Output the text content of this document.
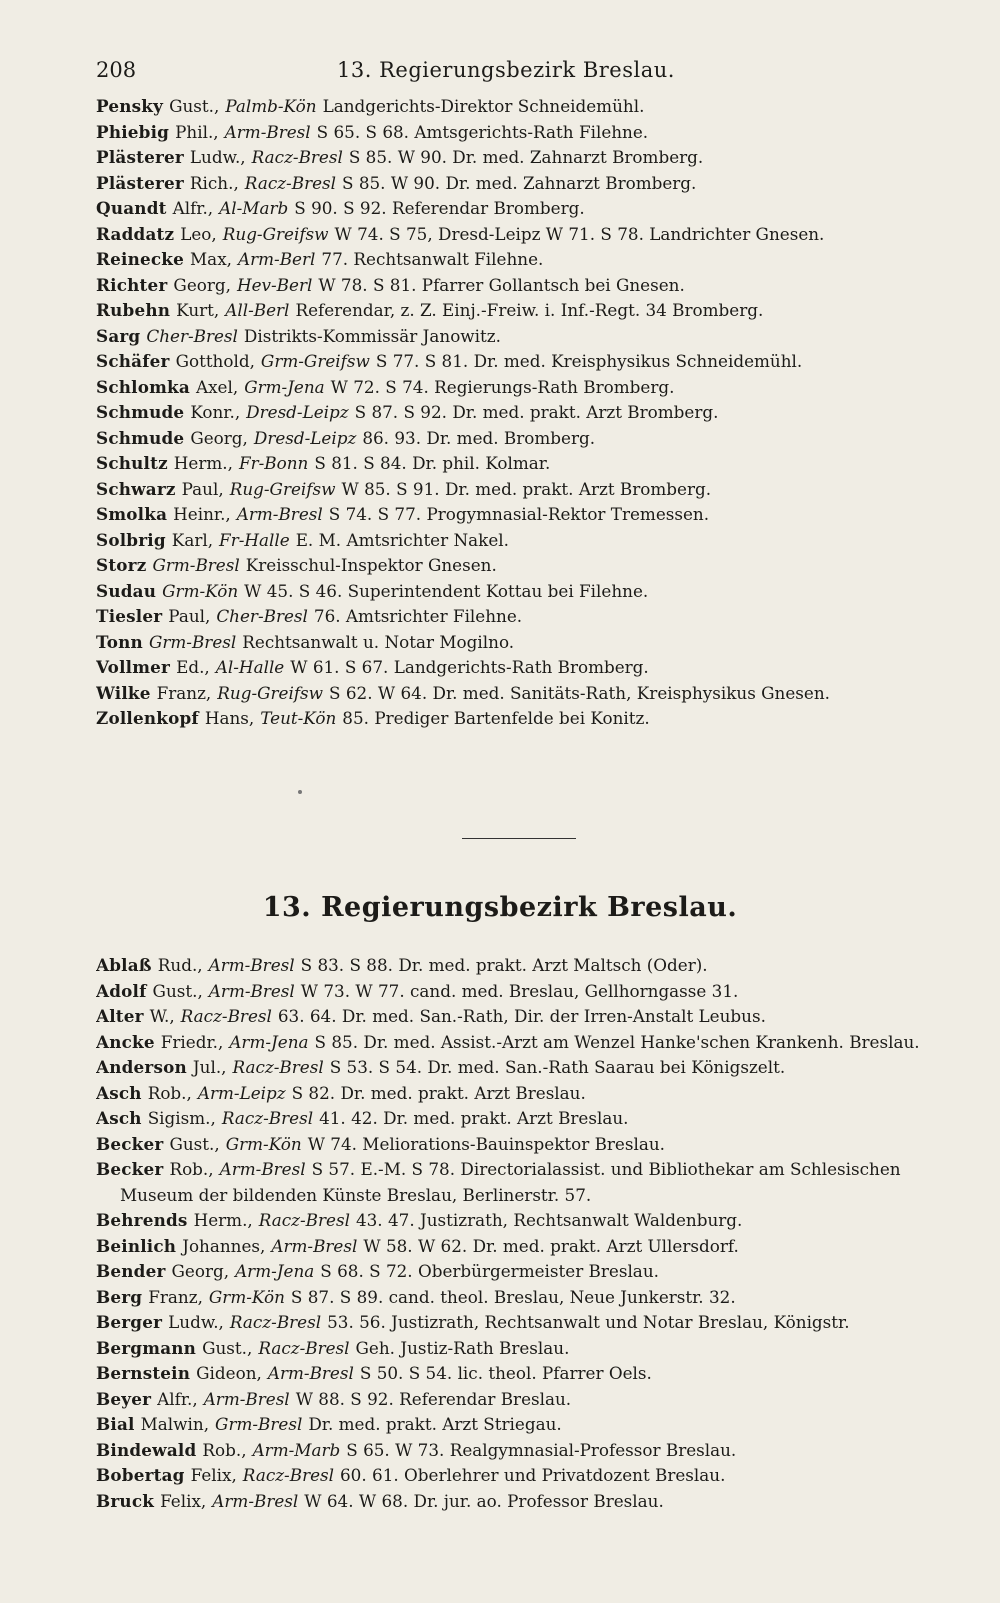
208	13. Regierungsbezirk Breslau.
Pensky Gust., Palmb-Kön Landgerichts-Direktor Schneidemühl.
Phiebig Phil., Arm-Bresl S 65. S 68. Amtsgerichts-Rath Filehne.
Plästerer Ludw., Racz-Bresl S 85. W 90. Dr. med. Zahnarzt Bromberg.
Plästerer Rich., Racz-Bresl S 85. W 90. Dr. med. Zahnarzt Bromberg.
Quandt Alfr., Al-Marb S 90. S 92. Referendar Bromberg.
Raddatz Leo, Rug-Greifsw W 74. S 75, Dresd-Leipz W 71. S 78. Landrichter Gnesen.
Reinecke Max, Arm-Berl 77. Rechtsanwalt Filehne.
Richter Georg, Hev-Berl W 78. S 81. Pfarrer Gollantsch bei Gnesen.
Rubehn Kurt, All-Berl Referendar, z. Z. Einj.-Freiw. i. Inf.-Regt. 34 Bromberg.
Sarg Cher-Bresl Distrikts-Kommissär Janowitz.
Schäfer Gotthold, Grm-Greifsw S 77. S 81. Dr. med. Kreisphysikus Schneidemühl.
Schlomka Axel, Grm-Jena W 72. S 74. Regierungs-Rath Bromberg.
Schmude Konr., Dresd-Leipz S 87. S 92. Dr. med. prakt. Arzt Bromberg.
Schmude Georg, Dresd-Leipz 86. 93. Dr. med. Bromberg.
Schultz Herm., Fr-Bonn S 81. S 84. Dr. phil. Kolmar.
Schwarz Paul, Rug-Greifsw W 85. S 91. Dr. med. prakt. Arzt Bromberg.
Smolka Heinr., Arm-Bresl S 74. S 77. Progymnasial-Rektor Tremessen.
Solbrig Karl, Fr-Halle E. M. Amtsrichter Nakel.
Storz Grm-Bresl Kreisschul-Inspektor Gnesen.
Sudau Grm-Kön W 45. S 46. Superintendent Kottau bei Filehne.
Tiesler Paul, Cher-Bresl 76. Amtsrichter Filehne.
Tonn Grm-Bresl Rechtsanwalt u. Notar Mogilno.
Vollmer Ed., Al-Halle W 61. S 67. Landgerichts-Rath Bromberg.
Wilke Franz, Rug-Greifsw S 62. W 64. Dr. med. Sanitäts-Rath, Kreisphysikus Gnesen.
Zollenkopf Hans, Teut-Kön 85. Prediger Bartenfelde bei Konitz.
13. Regierungsbezirk Breslau.
Ablaß Rud., Arm-Bresl S 83. S 88. Dr. med. prakt. Arzt Maltsch (Oder).
Adolf Gust., Arm-Bresl W 73. W 77. cand. med. Breslau, Gellhorngasse 31.
Alter W., Racz-Bresl 63. 64. Dr. med. San.-Rath, Dir. der Irren-Anstalt Leubus.
Ancke Friedr., Arm-Jena S 85. Dr. med. Assist.-Arzt am Wenzel Hanke'schen Krankenh. Breslau.
Anderson Jul., Racz-Bresl S 53. S 54. Dr. med. San.-Rath Saarau bei Königszelt.
Asch Rob., Arm-Leipz S 82. Dr. med. prakt. Arzt Breslau.
Asch Sigism., Racz-Bresl 41. 42. Dr. med. prakt. Arzt Breslau.
Becker Gust., Grm-Kön W 74. Meliorations-Bauinspektor Breslau.
Becker Rob., Arm-Bresl S 57. E.-M. S 78. Directorialassist. und Bibliothekar am Schlesischen
Museum der bildenden Künste Breslau, Berlinerstr. 57.
Behrends Herm., Racz-Bresl 43. 47. Justizrath, Rechtsanwalt Waldenburg.
Beinlich Johannes, Arm-Bresl W 58. W 62. Dr. med. prakt. Arzt Ullersdorf.
Bender Georg, Arm-Jena S 68. S 72. Oberbürgermeister Breslau.
Berg Franz, Grm-Kön S 87. S 89. cand. theol. Breslau, Neue Junkerstr. 32.
Berger Ludw., Racz-Bresl 53. 56. Justizrath, Rechtsanwalt und Notar Breslau, Königstr.
Bergmann Gust., Racz-Bresl Geh. Justiz-Rath Breslau.
Bernstein Gideon, Arm-Bresl S 50. S 54. lic. theol. Pfarrer Oels.
Beyer Alfr., Arm-Bresl W 88. S 92. Referendar Breslau.
Bial Malwin, Grm-Bresl Dr. med. prakt. Arzt Striegau.
Bindewald Rob., Arm-Marb S 65. W 73. Realgymnasial-Professor Breslau.
Bobertag Felix, Racz-Bresl 60. 61. Oberlehrer und Privatdozent Breslau.
Bruck Felix, Arm-Bresl W 64. W 68. Dr. jur. ao. Professor Breslau.
